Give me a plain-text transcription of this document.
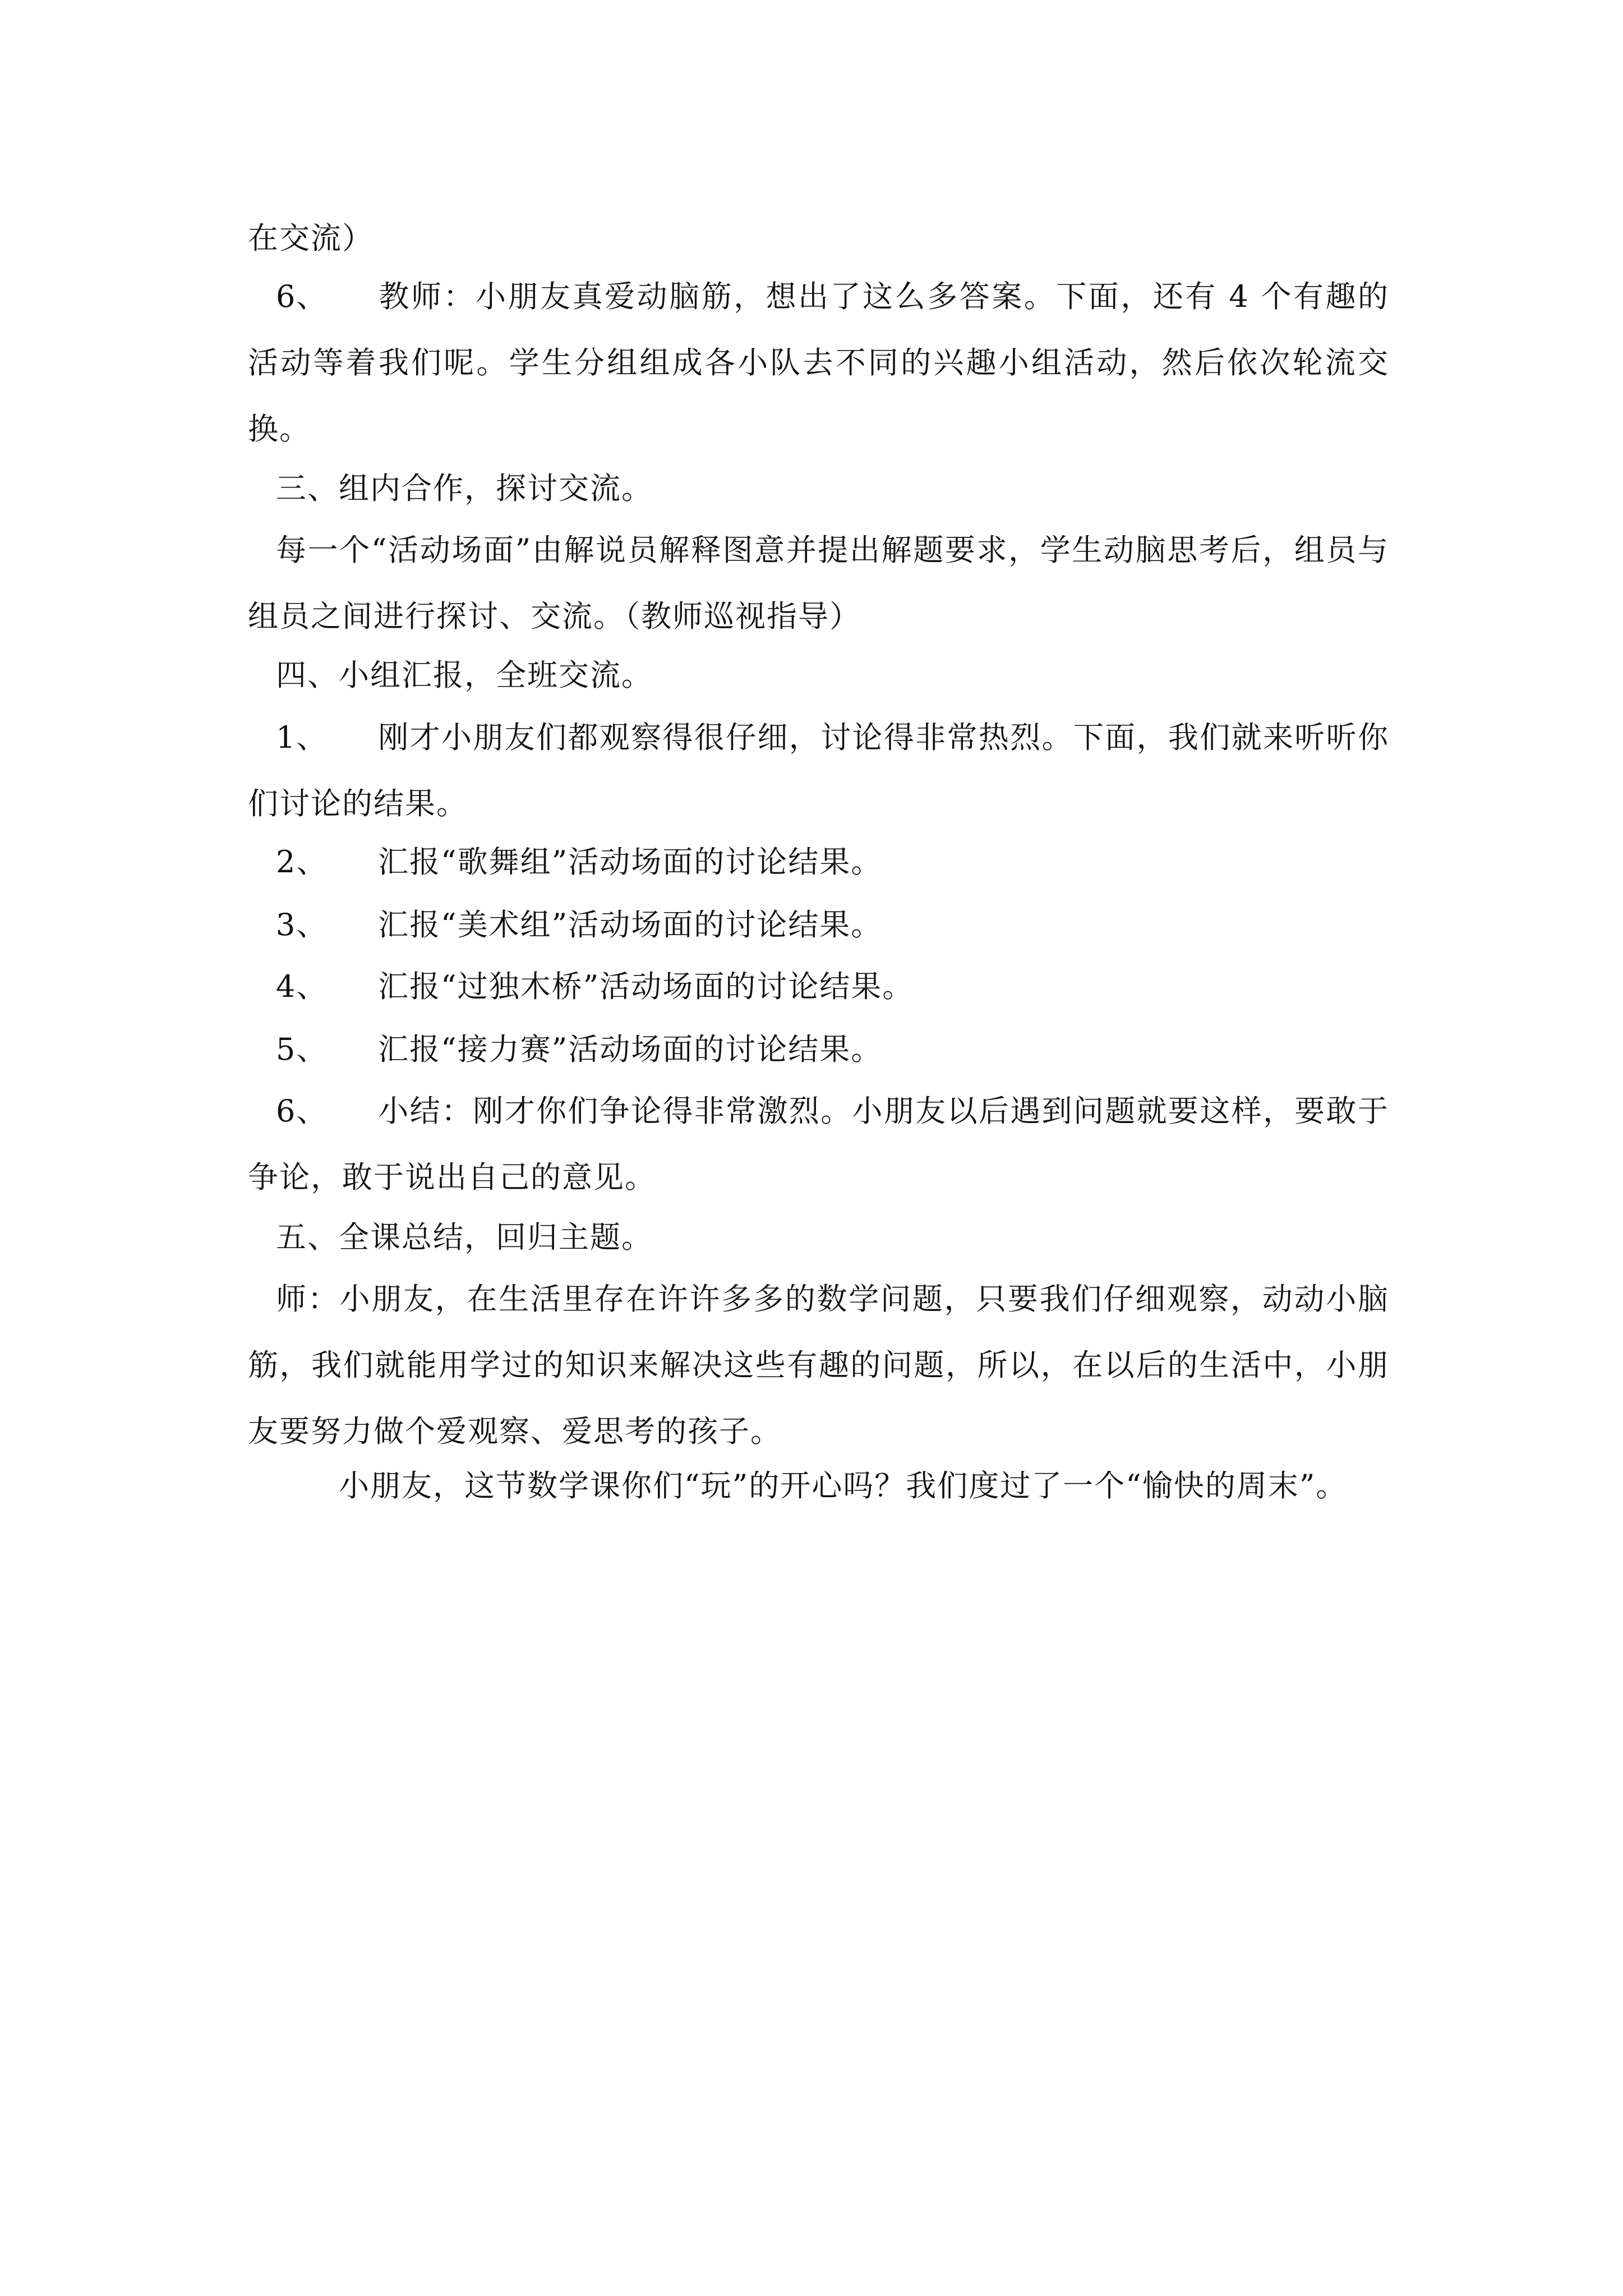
在交流）

6、 教师：小朋友真爱动脑筋，想出了这么多答案。下面，还有 4 个有趣的活动等着我们呢。学生分组组成各小队去不同的兴趣小组活动，然后依次轮流交换。

三、组内合作，探讨交流。

每一个“活动场面”由解说员解释图意并提出解题要求，学生动脑思考后，组员与组员之间进行探讨、交流。（教师巡视指导）

四、小组汇报，全班交流。

1、 刚才小朋友们都观察得很仔细，讨论得非常热烈。下面，我们就来听听你们讨论的结果。

2、 汇报“歌舞组”活动场面的讨论结果。

3、 汇报“美术组”活动场面的讨论结果。

4、 汇报“过独木桥”活动场面的讨论结果。

5、 汇报“接力赛”活动场面的讨论结果。

6、 小结：刚才你们争论得非常激烈。小朋友以后遇到问题就要这样，要敢于争论，敢于说出自己的意见。

五、全课总结，回归主题。

师：小朋友，在生活里存在许许多多的数学问题，只要我们仔细观察，动动小脑筋，我们就能用学过的知识来解决这些有趣的问题，所以，在以后的生活中，小朋友要努力做个爱观察、爱思考的孩子。

小朋友，这节数学课你们“玩”的开心吗？我们度过了一个“愉快的周末”。
